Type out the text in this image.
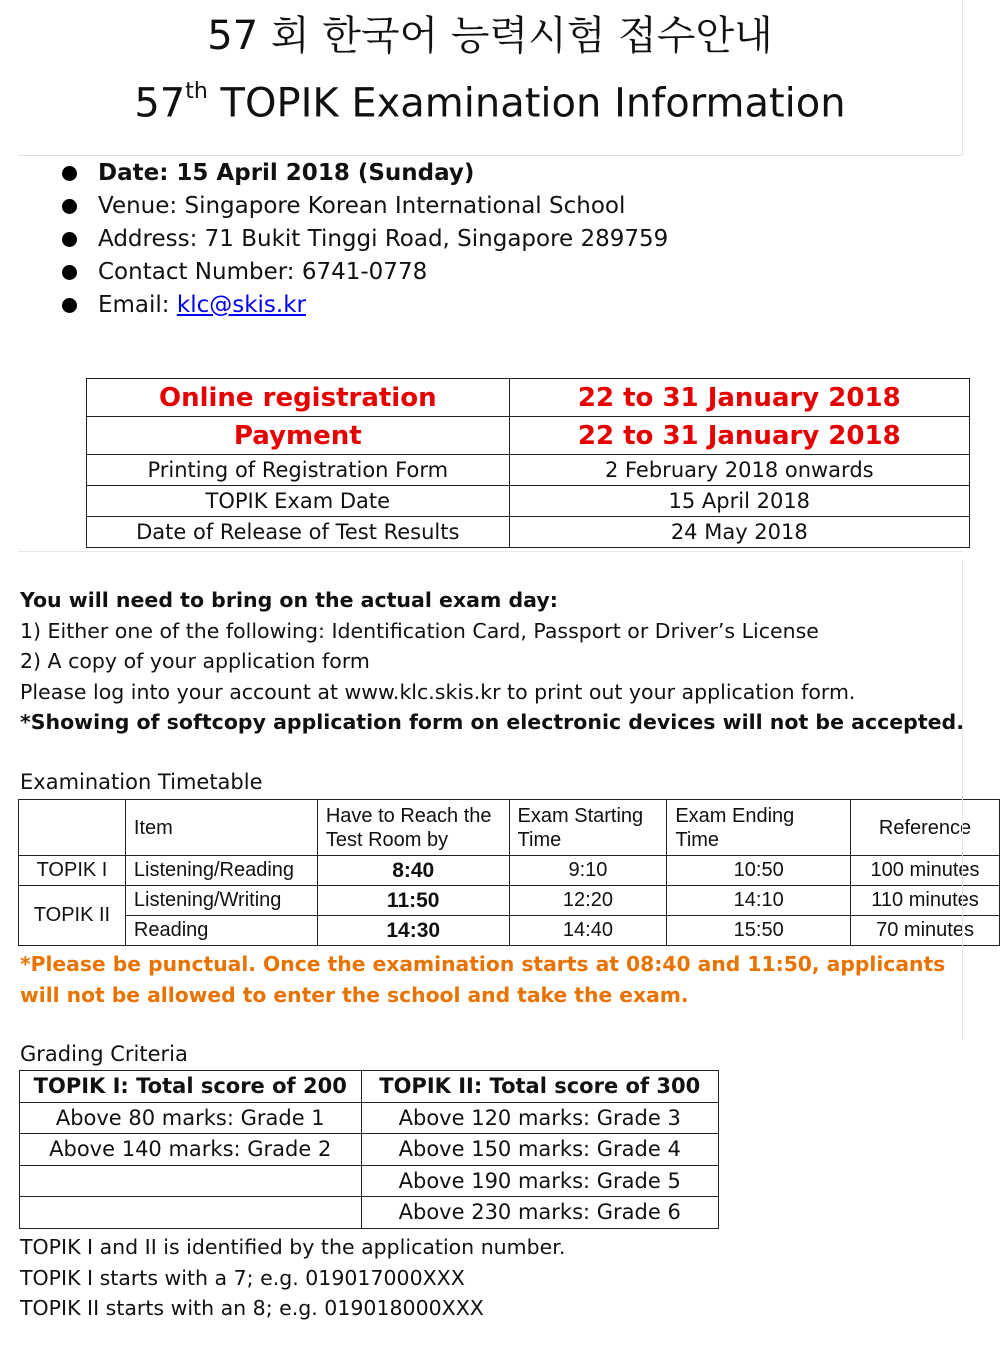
57 회 한국어 능력시험 접수안내
57th TOPIK Examination Information
Date: 15 April 2018 (Sunday)
Venue: Singapore Korean International School
Address: 71 Bukit Tinggi Road, Singapore 289759
Contact Number: 6741-0778
Email: klc@skis.kr
Online registration	22 to 31 January 2018
Payment	22 to 31 January 2018
Printing of Registration Form	2 February 2018 onwards
TOPIK Exam Date	15 April 2018
Date of Release of Test Results	24 May 2018
You will need to bring on the actual exam day:
1) Either one of the following: Identification Card, Passport or Driver’s License
2) A copy of your application form
Please log into your account at www.klc.skis.kr to print out your application form.
*Showing of softcopy application form on electronic devices will not be accepted.
Examination Timetable
	Item	Have to Reach the Test Room by	Exam Starting Time	Exam Ending Time	Reference
TOPIK I	Listening/Reading	8:40	9:10	10:50	100 minutes
TOPIK II	Listening/Writing	11:50	12:20	14:10	110 minutes
	Reading	14:30	14:40	15:50	70 minutes
*Please be punctual. Once the examination starts at 08:40 and 11:50, applicants will not be allowed to enter the school and take the exam.
Grading Criteria
TOPIK I: Total score of 200	TOPIK II: Total score of 300
Above 80 marks: Grade 1	Above 120 marks: Grade 3
Above 140 marks: Grade 2	Above 150 marks: Grade 4
	Above 190 marks: Grade 5
	Above 230 marks: Grade 6
TOPIK I and II is identified by the application number.
TOPIK I starts with a 7; e.g. 019017000XXX
TOPIK II starts with an 8; e.g. 019018000XXX
